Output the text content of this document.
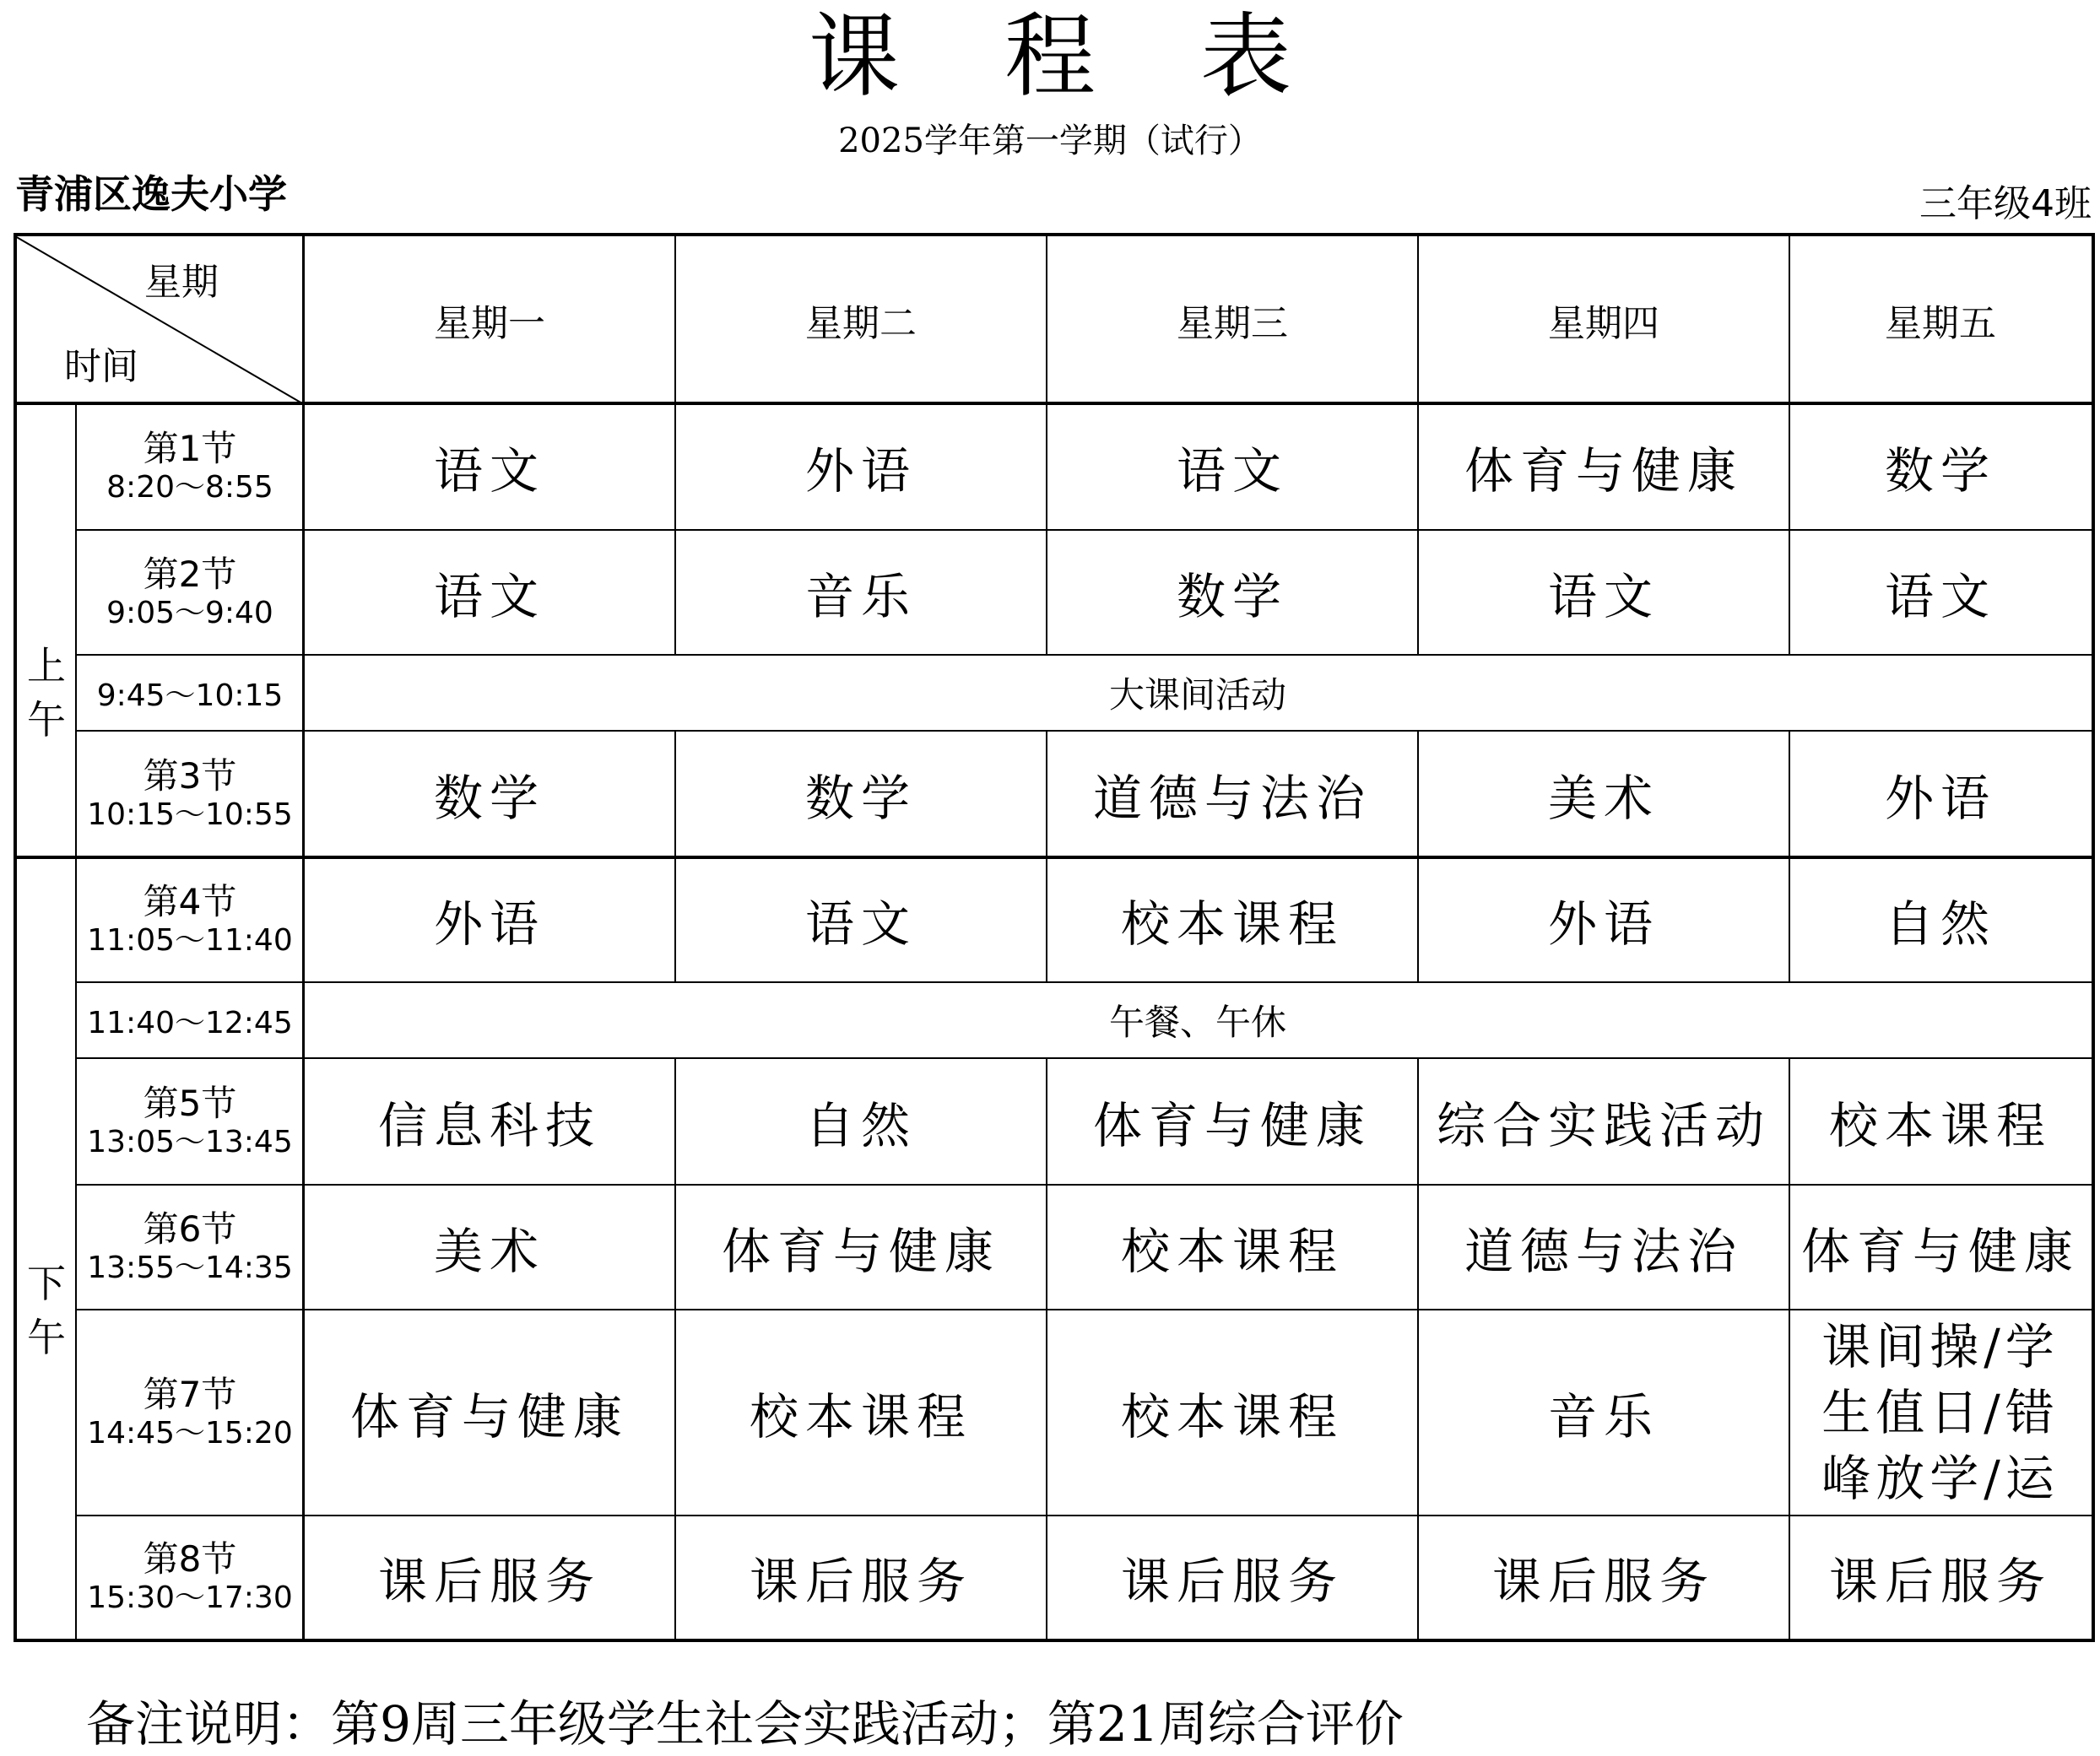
课 程 表
2025学年第一学期（试行）
青浦区逸夫小学	三年级4班
星期
时间
星期一	星期二	星期三	星期四	星期五
上
午
下
午
第1节
8:20～8:55	语文	外语	语文	体育与健康	数学
第2节
9:05～9:40	语文	音乐	数学	语文	语文
9:45～10:15	大课间活动
第3节
10:15～10:55	数学	数学	道德与法治	美术	外语
第4节
11:05～11:40	外语	语文	校本课程	外语	自然
11:40～12:45	午餐、午休
第5节
13:05～13:45	信息科技	自然	体育与健康	综合实践活动	校本课程
第6节
13:55～14:35	美术	体育与健康	校本课程	道德与法治	体育与健康
第7节
14:45～15:20	体育与健康	校本课程	校本课程	音乐
课间操/学
生值日/错
峰放学/运
第8节
15:30～17:30	课后服务	课后服务	课后服务	课后服务	课后服务
备注说明：第9周三年级学生社会实践活动；第21周综合评价
